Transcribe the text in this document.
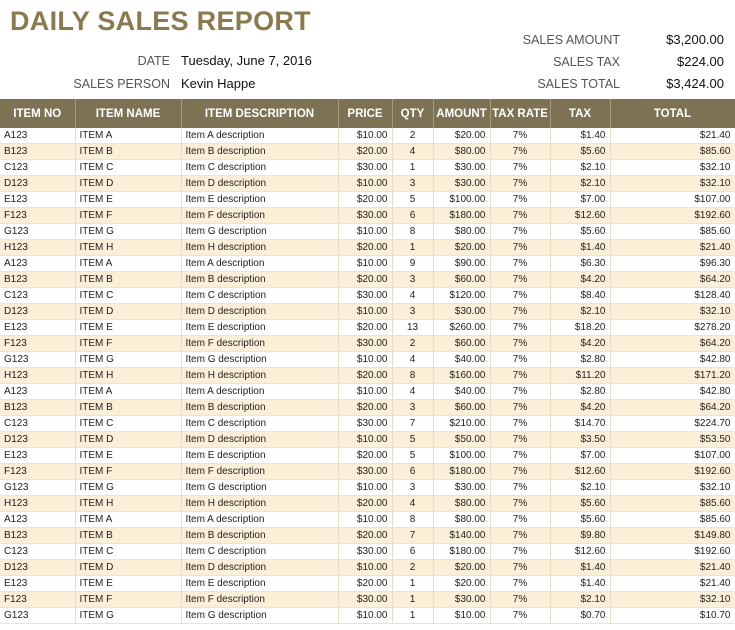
DAILY SALES REPORT
DATE Tuesday, June 7, 2016
SALES PERSON Kevin Happe
SALES AMOUNT	$3,200.00
SALES TAX	$224.00
SALES TOTAL	$3,424.00
ITEM NO	ITEM NAME	ITEM DESCRIPTION	PRICE	QTY	AMOUNT	TAX RATE	TAX	TOTAL
A123	ITEM A	Item A description	$10.00	2	$20.00	7%	$1.40	$21.40
B123	ITEM B	Item B description	$20.00	4	$80.00	7%	$5.60	$85.60
C123	ITEM C	Item C description	$30.00	1	$30.00	7%	$2.10	$32.10
D123	ITEM D	Item D description	$10.00	3	$30.00	7%	$2.10	$32.10
E123	ITEM E	Item E description	$20.00	5	$100.00	7%	$7.00	$107.00
F123	ITEM F	Item F description	$30.00	6	$180.00	7%	$12.60	$192.60
G123	ITEM G	Item G description	$10.00	8	$80.00	7%	$5.60	$85.60
H123	ITEM H	Item H description	$20.00	1	$20.00	7%	$1.40	$21.40
A123	ITEM A	Item A description	$10.00	9	$90.00	7%	$6.30	$96.30
B123	ITEM B	Item B description	$20.00	3	$60.00	7%	$4.20	$64.20
C123	ITEM C	Item C description	$30.00	4	$120.00	7%	$8.40	$128.40
D123	ITEM D	Item D description	$10.00	3	$30.00	7%	$2.10	$32.10
E123	ITEM E	Item E description	$20.00	13	$260.00	7%	$18.20	$278.20
F123	ITEM F	Item F description	$30.00	2	$60.00	7%	$4.20	$64.20
G123	ITEM G	Item G description	$10.00	4	$40.00	7%	$2.80	$42.80
H123	ITEM H	Item H description	$20.00	8	$160.00	7%	$11.20	$171.20
A123	ITEM A	Item A description	$10.00	4	$40.00	7%	$2.80	$42.80
B123	ITEM B	Item B description	$20.00	3	$60.00	7%	$4.20	$64.20
C123	ITEM C	Item C description	$30.00	7	$210.00	7%	$14.70	$224.70
D123	ITEM D	Item D description	$10.00	5	$50.00	7%	$3.50	$53.50
E123	ITEM E	Item E description	$20.00	5	$100.00	7%	$7.00	$107.00
F123	ITEM F	Item F description	$30.00	6	$180.00	7%	$12.60	$192.60
G123	ITEM G	Item G description	$10.00	3	$30.00	7%	$2.10	$32.10
H123	ITEM H	Item H description	$20.00	4	$80.00	7%	$5.60	$85.60
A123	ITEM A	Item A description	$10.00	8	$80.00	7%	$5.60	$85.60
B123	ITEM B	Item B description	$20.00	7	$140.00	7%	$9.80	$149.80
C123	ITEM C	Item C description	$30.00	6	$180.00	7%	$12.60	$192.60
D123	ITEM D	Item D description	$10.00	2	$20.00	7%	$1.40	$21.40
E123	ITEM E	Item E description	$20.00	1	$20.00	7%	$1.40	$21.40
F123	ITEM F	Item F description	$30.00	1	$30.00	7%	$2.10	$32.10
G123	ITEM G	Item G description	$10.00	1	$10.00	7%	$0.70	$10.70
